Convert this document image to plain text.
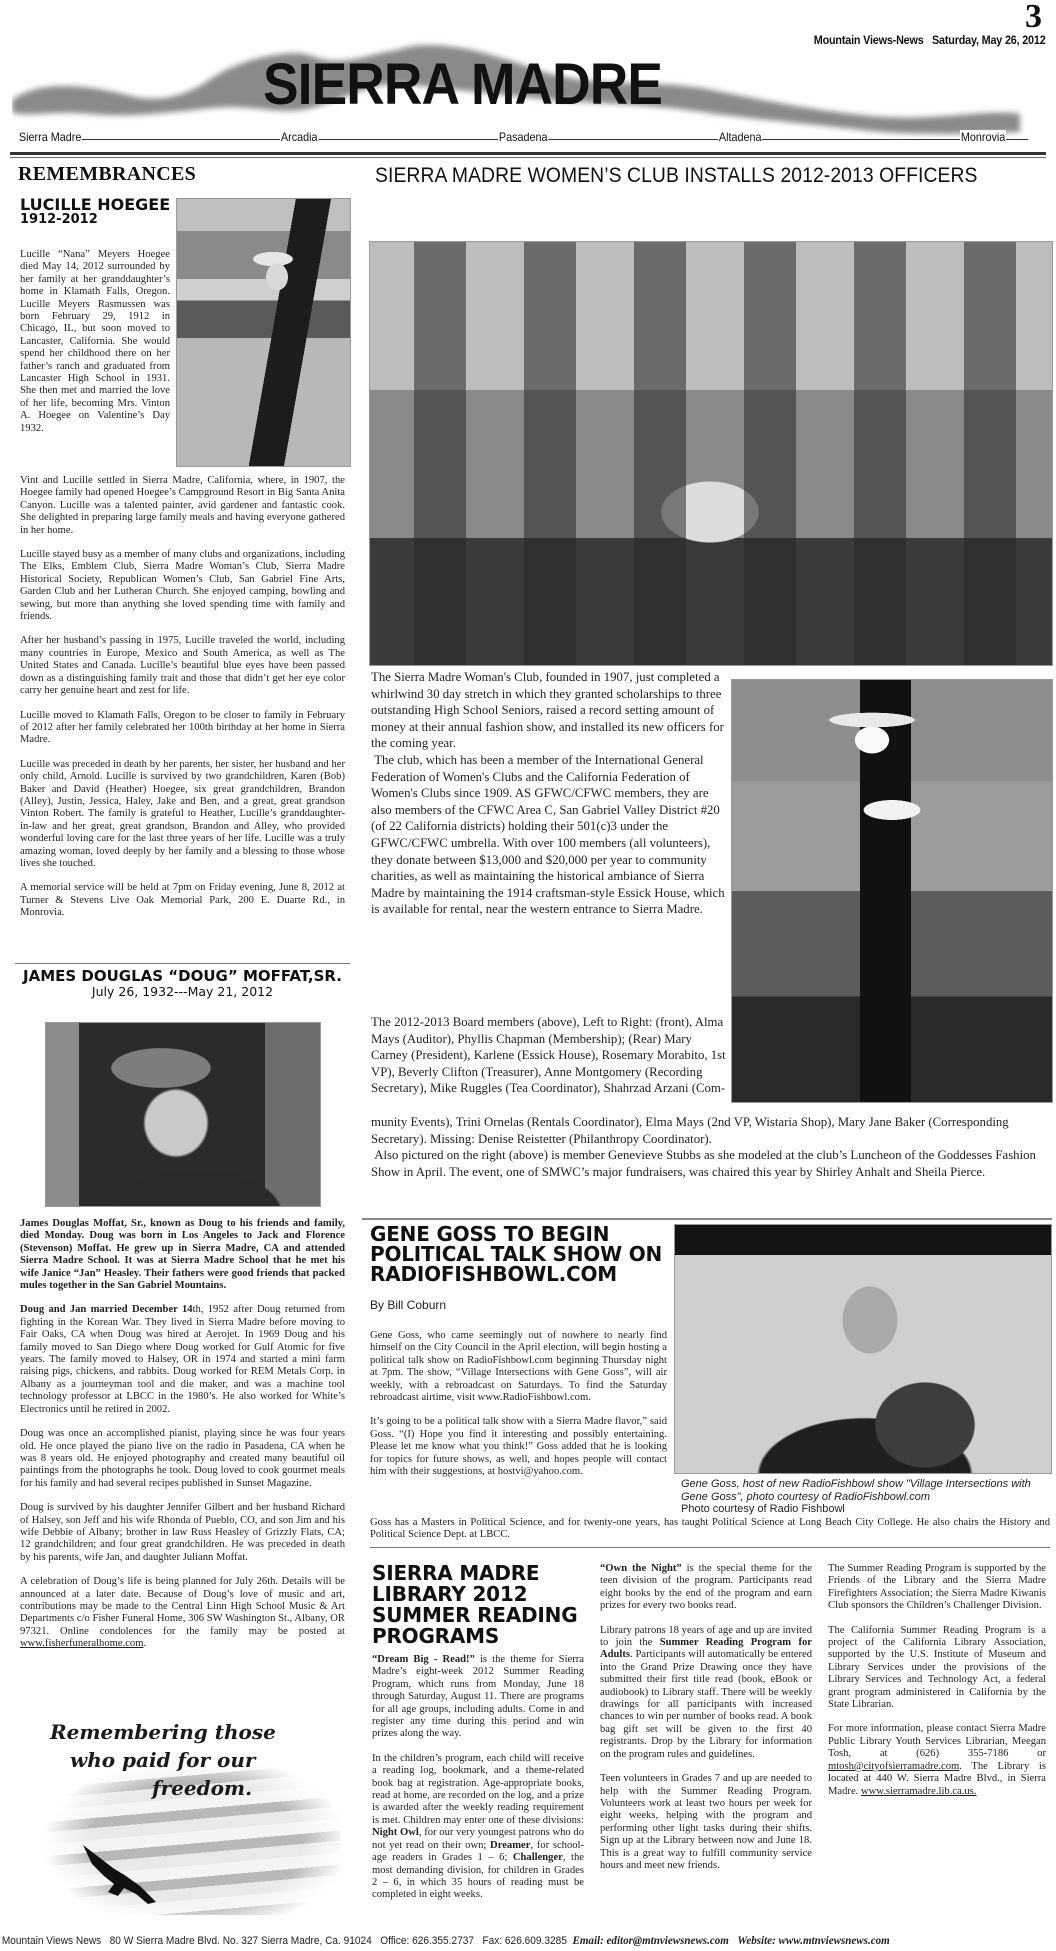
3
Mountain Views-News Saturday, May 26, 2012
SIERRA MADRE
Sierra Madre	Arcadia	Pasadena	Altadena	Monrovia
REMEMBRANCES	SIERRA MADRE WOMEN’S CLUB INSTALLS 2012-2013 OFFICERS
LUCILLE HOEGEE
1912-2012
Lucille “Nana” Meyers Hoegee died May 14, 2012 surrounded by her family at her granddaughter’s home in Klamath Falls, Oregon. Lucille Meyers Rasmussen was born February 29, 1912 in Chicago, IL, but soon moved to Lancaster, California. She would spend her childhood there on her father’s ranch and graduated from Lancaster High School in 1931. She then met and married the love of her life, becoming Mrs. Vinton A. Hoegee on Valentine’s Day 1932.

Vint and Lucille settled in Sierra Madre, California, where, in 1907, the Hoegee family had opened Hoegee’s Campground Resort in Big Santa Anita Canyon. Lucille was a talented painter, avid gardener and fantastic cook. She delighted in preparing large family meals and having everyone gathered in her home.

Lucille stayed busy as a member of many clubs and organizations, including The Elks, Emblem Club, Sierra Madre Woman’s Club, Sierra Madre Historical Society, Republican Women’s Club, San Gabriel Fine Arts, Garden Club and her Lutheran Church. She enjoyed camping, bowling and sewing, but more than anything she loved spending time with family and friends.

After her husband’s passing in 1975, Lucille traveled the world, including many countries in Europe, Mexico and South America, as well as The United States and Canada. Lucille’s beautiful blue eyes have been passed down as a distinguishing family trait and those that didn’t get her eye color carry her genuine heart and zest for life.

Lucille moved to Klamath Falls, Oregon to be closer to family in February of 2012 after her family celebrated her 100th birthday at her home in Sierra Madre.

Lucille was preceded in death by her parents, her sister, her husband and her only child, Arnold. Lucille is survived by two grandchildren, Karen (Bob) Baker and David (Heather) Hoegee, six great grandchildren, Brandon (Alley), Justin, Jessica, Haley, Jake and Ben, and a great, great grandson Vinton Robert. The family is grateful to Heather, Lucille’s granddaughter-in-law and her great, great grandson, Brandon and Alley, who provided wonderful loving care for the last three years of her life. Lucille was a truly amazing woman, loved deeply by her family and a blessing to those whose lives she touched.

A memorial service will be held at 7pm on Friday evening, June 8, 2012 at Turner & Stevens Live Oak Memorial Park, 200 E. Duarte Rd., in Monrovia.

JAMES DOUGLAS “DOUG” MOFFAT,SR.
July 26, 1932---May 21, 2012

James Douglas Moffat, Sr., known as Doug to his friends and family, died Monday. Doug was born in Los Angeles to Jack and Florence (Stevenson) Moffat. He grew up in Sierra Madre, CA and attended Sierra Madre School. It was at Sierra Madre School that he met his wife Janice “Jan” Heasley. Their fathers were good friends that packed mules together in the San Gabriel Mountains.

Doug and Jan married December 14th, 1952 after Doug returned from fighting in the Korean War. They lived in Sierra Madre before moving to Fair Oaks, CA when Doug was hired at Aerojet. In 1969 Doug and his family moved to San Diego where Doug worked for Gulf Atomic for five years. The family moved to Halsey, OR in 1974 and started a mini farm raising pigs, chickens, and rabbits. Doug worked for REM Metals Corp. in Albany as a journeyman tool and die maker, and was a machine tool technology professor at LBCC in the 1980’s. He also worked for White’s Electronics until he retired in 2002.

Doug was once an accomplished pianist, playing since he was four years old. He once played the piano live on the radio in Pasadena, CA when he was 8 years old. He enjoyed photography and created many beautiful oil paintings from the photographs he took. Doug loved to cook gourmet meals for his family and had several recipes published in Sunset Magazine.

Doug is survived by his daughter Jennifer Gilbert and her husband Richard of Halsey, son Jeff and his wife Rhonda of Pueblo, CO, and son Jim and his wife Debbie of Albany; brother in law Russ Heasley of Grizzly Flats, CA; 12 grandchildren; and four great grandchildren. He was preceded in death by his parents, wife Jan, and daughter Juliann Moffat.

A celebration of Doug’s life is being planned for July 26th. Details will be announced at a later date. Because of Doug’s love of music and art, contributions may be made to the Central Linn High School Music & Art Departments c/o Fisher Funeral Home, 306 SW Washington St., Albany, OR 97321. Online condolences for the family may be posted at www.fisherfuneralhome.com.

Remembering those
who paid for our
freedom.

The Sierra Madre Woman's Club, founded in 1907, just completed a whirlwind 30 day stretch in which they granted scholarships to three outstanding High School Seniors, raised a record setting amount of money at their annual fashion show, and installed its new officers for the coming year.

The club, which has been a member of the International General Federation of Women's Clubs and the California Federation of Women's Clubs since 1909. AS GFWC/CFWC members, they are also members of the CFWC Area C, San Gabriel Valley District #20 (of 22 California districts) holding their 501(c)3 under the GFWC/CFWC umbrella. With over 100 members (all volunteers), they donate between $13,000 and $20,000 per year to community charities, as well as maintaining the historical ambiance of Sierra Madre by maintaining the 1914 craftsman-style Essick House, which is available for rental, near the western entrance to Sierra Madre.

The 2012-2013 Board members (above), Left to Right: (front), Alma Mays (Auditor), Phyllis Chapman (Membership); (Rear) Mary Carney (President), Karlene (Essick House), Rosemary Morabito, 1st VP), Beverly Clifton (Treasurer), Anne Montgomery (Recording Secretary), Mike Ruggles (Tea Coordinator), Shahrzad Arzani (Com-

munity Events), Trini Ornelas (Rentals Coordinator), Elma Mays (2nd VP, Wistaria Shop), Mary Jane Baker (Corresponding Secretary). Missing: Denise Reistetter (Philanthropy Coordinator).

Also pictured on the right (above) is member Genevieve Stubbs as she modeled at the club’s Luncheon of the Goddesses Fashion Show in April. The event, one of SMWC’s major fundraisers, was chaired this year by Shirley Anhalt and Sheila Pierce.

GENE GOSS TO BEGIN POLITICAL TALK SHOW ON RADIOFISHBOWL.COM
By Bill Coburn

Gene Goss, who came seemingly out of nowhere to nearly find himself on the City Council in the April election, will begin hosting a political talk show on RadioFishbowl.com beginning Thursday night at 7pm. The show, “Village Intersections with Gene Goss”, will air weekly, with a rebroadcast on Saturdays. To find the Saturday rebroadcast airtime, visit www.RadioFishbowl.com.

It’s going to be a political talk show with a Sierra Madre flavor,” said Goss. “(I) Hope you find it interesting and possibly entertaining. Please let me know what you think!” Goss added that he is looking for topics for future shows, as well, and hopes people will contact him with their suggestions, at hostvi@yahoo.com.

Goss has a Masters in Political Science, and for twenty-one years, has taught Political Science at Long Beach City College. He also chairs the History and Political Science Dept. at LBCC.
Gene Goss, host of new RadioFishbowl show "Village Intersections with Gene Goss", photo courtesy of RadioFishbowl.com
Photo courtesy of Radio Fishbowl
SIERRA MADRE LIBRARY 2012 SUMMER READING PROGRAMS

“Dream Big - Read!” is the theme for Sierra Madre’s eight-week 2012 Summer Reading Program, which runs from Monday, June 18 through Saturday, August 11. There are programs for all age groups, including adults. Come in and register any time during this period and win prizes along the way.

In the children’s program, each child will receive a reading log, bookmark, and a theme-related book bag at registration. Age-appropriate books, read at home, are recorded on the log, and a prize is awarded after the weekly reading requirement is met. Children may enter one of these divisions: Night Owl, for our very youngest patrons who do not yet read on their own; Dreamer, for school-age readers in Grades 1 – 6; Challenger, the most demanding division, for children in Grades 2 – 6, in which 35 hours of reading must be completed in eight weeks.

“Own the Night” is the special theme for the teen division of the program. Participants read eight books by the end of the program and earn prizes for every two books read.

Library patrons 18 years of age and up are invited to join the Summer Reading Program for Adults. Participants will automatically be entered into the Grand Prize Drawing once they have submitted their first title read (book, eBook or audiobook) to Library staff. There will be weekly drawings for all participants with increased chances to win per number of books read. A book bag gift set will be given to the first 40 registrants. Drop by the Library for information on the program rules and guidelines.

Teen volunteers in Grades 7 and up are needed to help with the Summer Reading Program. Volunteers work at least two hours per week for eight weeks, helping with the program and performing other light tasks during their shifts. Sign up at the Library between now and June 18. This is a great way to fulfill community service hours and meet new friends.

The Summer Reading Program is supported by the Friends of the Library and the Sierra Madre Firefighters Association; the Sierra Madre Kiwanis Club sponsors the Children’s Challenger Division.

The California Summer Reading Program is a project of the California Library Association, supported by the U.S. Institute of Museum and Library Services under the provisions of the Library Services and Technology Act, a federal grant program administered in California by the State Librarian.

For more information, please contact Sierra Madre Public Library Youth Services Librarian, Meegan Tosh, at (626) 355-7186 or mtosh@cityofsierramadre.com. The Library is located at 440 W. Sierra Madre Blvd., in Sierra Madre. www.sierramadre.lib.ca.us.

Mountain Views News 80 W Sierra Madre Blvd. No. 327 Sierra Madre, Ca. 91024 Office: 626.355.2737 Fax: 626.609.3285 Email: editor@mtnviewsnews.com Website: www.mtnviewsnews.com
